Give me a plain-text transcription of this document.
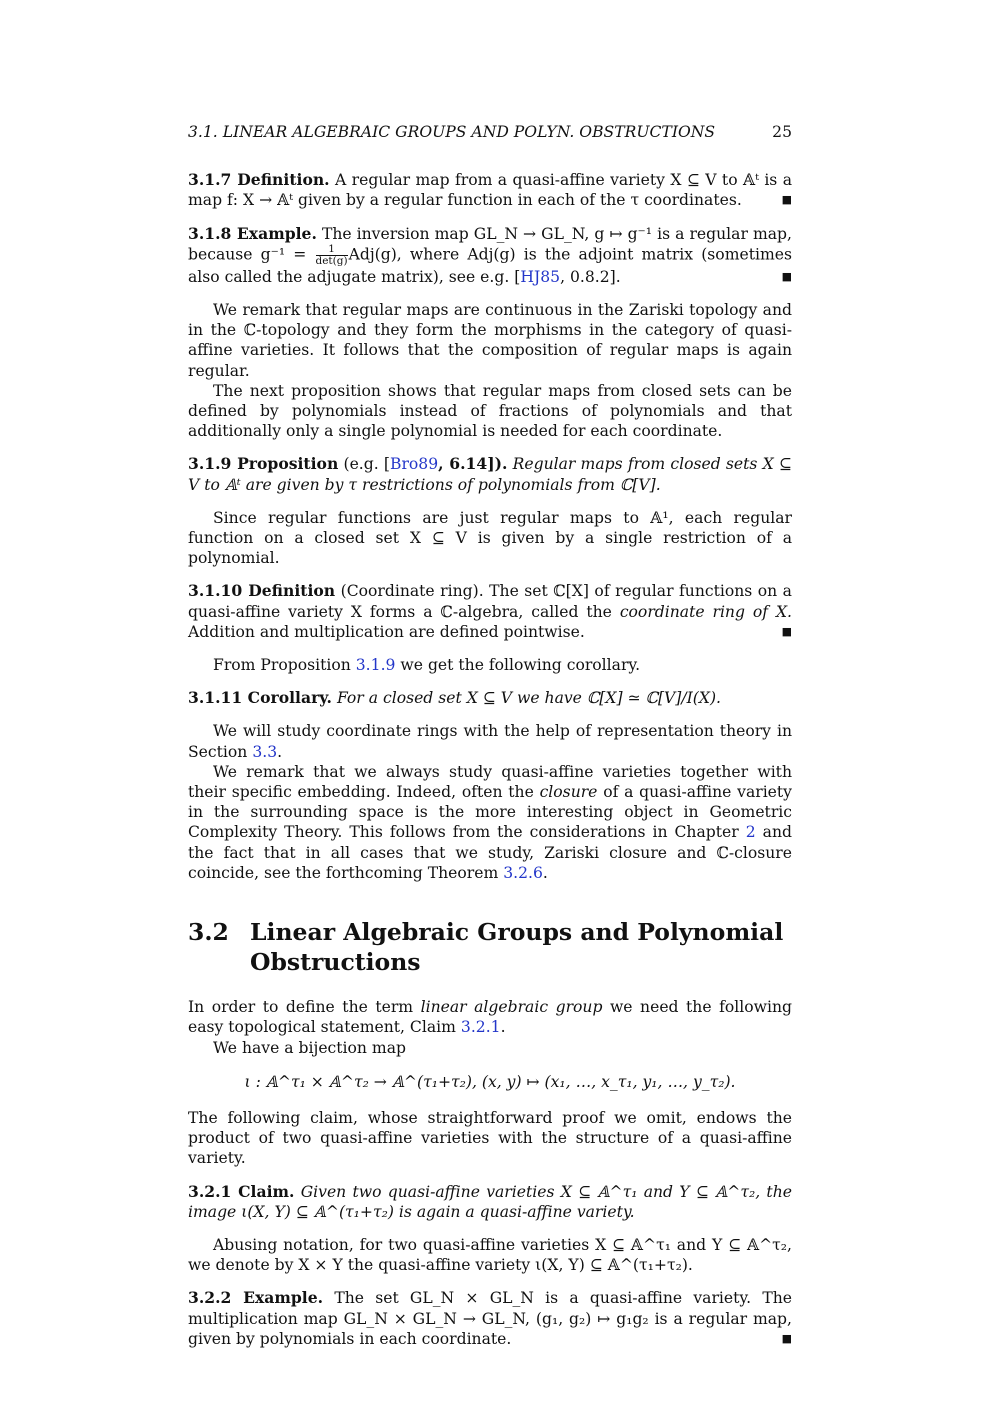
3.1. LINEAR ALGEBRAIC GROUPS AND POLYN. OBSTRUCTIONS	25
3.1.7 Definition. A regular map from a quasi-affine variety X ⊆ V to 𝔸ᵗ is a map f: X → 𝔸ᵗ given by a regular function in each of the τ coordinates.	■
3.1.8 Example. The inversion map GL_N → GL_N, g ↦ g⁻¹ is a regular map, because $g^{-1} = \frac{1}{\det(g)} Adj(g)$, where Adj(g) is the adjoint matrix (sometimes also called the adjugate matrix), see e.g. [HJ85, 0.8.2].	■

We remark that regular maps are continuous in the Zariski topology and in the ℂ-topology and they form the morphisms in the category of quasi-affine varieties. It follows that the composition of regular maps is again regular.

The next proposition shows that regular maps from closed sets can be defined by polynomials instead of fractions of polynomials and that additionally only a single polynomial is needed for each coordinate.

3.1.9 Proposition (e.g. [Bro89, 6.14]). Regular maps from closed sets X ⊆ V to 𝔸ᵗ are given by τ restrictions of polynomials from ℂ[V].

Since regular functions are just regular maps to 𝔸¹, each regular function on a closed set X ⊆ V is given by a single restriction of a polynomial.

3.1.10 Definition (Coordinate ring). The set ℂ[X] of regular functions on a quasi-affine variety X forms a ℂ-algebra, called the coordinate ring of X. Addition and multiplication are defined pointwise.	■

From Proposition 3.1.9 we get the following corollary.

3.1.11 Corollary. For a closed set X ⊆ V we have ℂ[X] ≃ ℂ[V]/I(X).

We will study coordinate rings with the help of representation theory in Section 3.3.

We remark that we always study quasi-affine varieties together with their specific embedding. Indeed, often the closure of a quasi-affine variety in the surrounding space is the more interesting object in Geometric Complexity Theory. This follows from the considerations in Chapter 2 and the fact that in all cases that we study, Zariski closure and ℂ-closure coincide, see the forthcoming Theorem 3.2.6.

3.2 Linear Algebraic Groups and Polynomial Obstructions

In order to define the term linear algebraic group we need the following easy topological statement, Claim 3.2.1.

We have a bijection map

ι : 𝔸^τ₁ × 𝔸^τ₂ → 𝔸^(τ₁+τ₂), (x, y) ↦ (x₁, …, x_τ₁, y₁, …, y_τ₂).

The following claim, whose straightforward proof we omit, endows the product of two quasi-affine varieties with the structure of a quasi-affine variety.

3.2.1 Claim. Given two quasi-affine varieties X ⊆ 𝔸^τ₁ and Y ⊆ 𝔸^τ₂, the image ι(X, Y) ⊆ 𝔸^(τ₁+τ₂) is again a quasi-affine variety.

Abusing notation, for two quasi-affine varieties X ⊆ 𝔸^τ₁ and Y ⊆ 𝔸^τ₂, we denote by X × Y the quasi-affine variety ι(X, Y) ⊆ 𝔸^(τ₁+τ₂).

3.2.2 Example. The set GL_N × GL_N is a quasi-affine variety. The multiplication map GL_N × GL_N → GL_N, (g₁, g₂) ↦ g₁g₂ is a regular map, given by polynomials in each coordinate.	■
